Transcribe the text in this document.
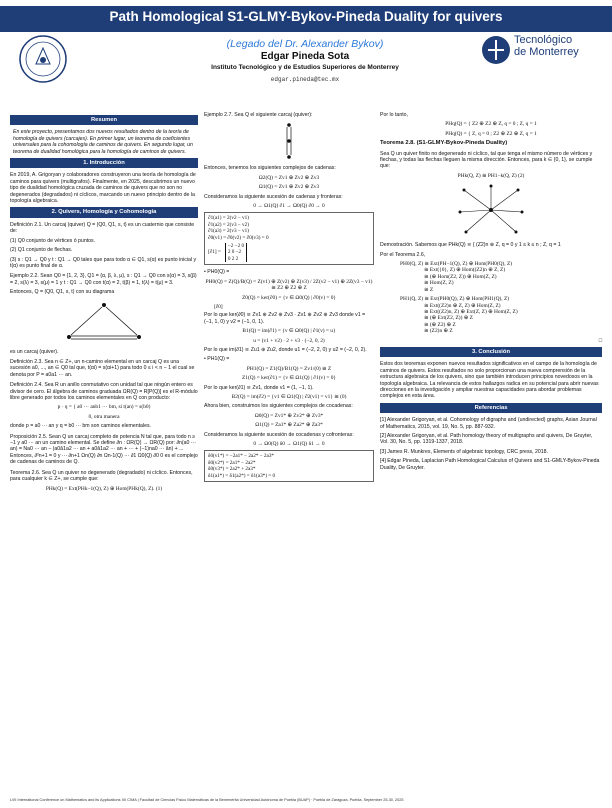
Path Homological S1-GLMY-Bykov-Pineda Duality for quivers
(Legado del Dr. Alexander Bykov)
Edgar Pineda Sota
Instituto Tecnológico y de Estudios Superiores de Monterrey
edgar.pineda@tec.mx
Tecnológico
de Monterrey
Resumen

En este proyecto, presentamos dos nuevos resultados dentro de la teoría de homología de quivers (carcajes). En primer lugar, un teorema de coeficientes universales para la cohomología de caminos de quivers. En segundo lugar, un teorema de dualidad homológica para la homología de caminos de quivers.

1. Introducción

En 2019, A. Grigoryan y colaboradores construyeron una teoría de homología de caminos para quivers (multigrafos). Finalmente, en 2025, descubrimos un nuevo tipo de dualidad homológica cruzada de caminos de quivers que no son no degenerados (degradados) ni cíclicos, marcando un nuevo principio dentro de la topología algebraica.

2. Quivers, Homología y Cohomología

Definición 2.1. Un carcaj (quiver) Q = (Q0, Q1, s, t) es un cuaternio que consiste de:

(1) Q0 conjunto de vértices ó puntos.

(2) Q1 conjunto de flechas.

(3) s : Q1 → Q0 y t : Q1 → Q0 tales que para todo α ∈ Q1, s(α) es punto inicial y t(α) es punto final de α.

Ejemplo 2.2. Sean Q0 = {1, 2, 3}, Q1 = {α, β, λ, μ}, s : Q1 → Q0 con s(α) = 3, s(β) = 2, s(λ) = 3, s(μ) = 1 y t : Q1 → Q0 con t(α) = 2, t(β) = 1, t(λ) = t(μ) = 3.

Entonces, Q = (Q0, Q1, s, t) con su diagrama

es un carcaj (quiver).

Definición 2.3. Sea n ∈ Z+, un n-camino elemental en un carcaj Q es una sucesión a0, ..., an ∈ Q0 tal que, t(αi) = s(αi+1) para todo 0 ≤ i < n − 1 el cual se denota por P = a0a1 ··· an.

Definición 2.4. Sea R un anillo conmutativo con unidad tal que ningún entero es divisor de cero. El álgebra de caminos graduada ΩR(Q) = R[P(Q)] es el R-módulo libre generado por todos los caminos elementales en Q con producto:

p · q = { a0 ··· anb1 ··· bm, si t(an) = s(b0)
0, otra manera

donde p = a0 ··· an y q = b0 ··· bm son caminos elementales.

Proposición 2.5. Sean Q un carcaj completo de potencia N tal que, para todo n ≥ −1 y a0 ··· an un camino elemental. Se define ∂n : ΩR(Q) → ΩR(Q) por: ∂n(a0 ··· an) = Na0 ··· an − (a0â1a2 ··· an + a0â1a2 ··· an + ··· + (−1)na0 ··· ân) + ... Entonces, ∂²n+1 = 0 y ··· ∂n+1 Ωn(Q) ∂n Ωn-1(Q) ··· ∂1 Ω0(Q) ∂0 0 es el complejo de cadenas de caminos de Q.

Teorema 2.6. Sea Q un quiver no degenerado (degradado) ni cíclico. Entonces, para cualquier k ∈ Z+, se cumple que:

PHk(Q) = Ext(PHk−1(Q), Z) ⊕ Hom(PHk(Q), Z). (1)

Ejemplo 2.7. Sea Q el siguiente carcaj (quiver):

Entonces, tenemos los siguientes complejos de cadenas:

Ω2(Q) = Zv1 ⊕ Zv2 ⊕ Zv3
Ω1(Q) = Zv1 ⊕ Zv2 ⊕ Zv3

Consideramos la siguiente sucesión de cadenas y fronteras:

0 → Ω1(Q) ∂1 → Ω0(Q) ∂0 → 0
∂1(a1) = 2(v2 − v1)
∂1(a2) = 2(v3 − v2)
∂1(a3) = 2(v3 − v1)
∂0(v1) = ∂0(v2) = ∂0(v3) = 0
[∂1] =
−2 −2 0
2 0 −2
0 2 2

• PH0(Q) =

PH0(Q) = Z(Q)/B(Q) = Z(v1) ⊕ Z(v2) ⊕ Z(v3) / 2Z(v2 − v1) ⊕ 2Z(v3 − v1) ≅ Z2 ⊕ Z2 ⊕ Z
Z0(Q) = ker(∂0) = {v ∈ Ω0(Q) | ∂0(v) = 0}
[∂0]

Por lo que ker(∂0) ≅ Zv1 ⊕ Zv2 ⊕ Zv3 · Zv1 ⊕ Zv2 ⊕ Zv3 donde v1 = (−1, 1, 0) y v2 = (−1, 0, 1).

B1(Q) = im(∂1) = {v ∈ Ω0(Q) | ∂1(v) = u}
u = (v1 + v2) · 2 + v3 · (−2, 0, 2)

Por lo que im(∂1) ≅ Zu1 ⊕ Zu2, donde u1 = (−2, 2, 0) y u2 = (−2, 0, 2).

• PH1(Q) =

PH1(Q) = Z1(Q)/B1(Q) = Zv1/(0) ≅ Z
Z1(Q) = ker(∂1) = {v ∈ Ω1(Q) | ∂1(v) = 0}

Por lo que ker(∂1) ≅ Zv1, donde v1 = (1, −1, 1).

B2(Q) = im(∂2) = {v1 ∈ Ω1(Q) | ∂2(v1) = v1} ≅ (0)

Ahora bien, construimos los siguientes complejos de cocadenas:

Ω0(Q) = Zv1* ⊕ Zv2* ⊕ Zv3*
Ω1(Q) = Za1* ⊕ Za2* ⊕ Za3*

Consideramos la siguiente sucesión de cocadenas y cofronteras:

0 → Ω0(Q) δ0 → Ω1(Q) δ1 → 0
δ0(v1*) = −2a1* − 2a2* − 2a3*
δ0(v2*) = 2a1* − 2a2*
δ0(v3*) = 2a2* + 2a3*
δ1(a1*) = δ1(a2*) = δ1(a3*) = 0

Por lo tanto,

PHq(Q) = { Z2 ⊕ Z2 ⊕ Z, q = 0 ; Z, q = 1
PHq(Q) = { Z, q = 0 ; Z2 ⊕ Z2 ⊕ Z, q = 1
Teorema 2.8. (S1-GLMY-Bykov-Pineda Duality)

Sea Q un quiver finito no degenerado ni cíclico, tal que tenga el mismo número de vértices y flechas, y todas las flechas lleguen la misma dirección. Entonces, para k ∈ {0, 1}, se cumple que:

PHk(Q, Z) ≅ PH1−k(Q, Z) (2)

Demostración. Sabemos que PHk(Q) ≅ { (Z2)n ⊕ Z, q = 0 y 1 ≤ k ≤ n ; Z, q = 1

Por el Teorema 2.6,

PH0(Q, Z) ≅ Ext(PH−1(Q), Z) ⊕ Hom(PH0(Q), Z)
≅ Ext({0}, Z) ⊕ Hom((Z2)n ⊕ Z, Z)
≅ (⊕ Hom(Z2, Z)) ⊕ Hom(Z, Z)
≅ Hom(Z, Z)
≅ Z
PH1(Q, Z) ≅ Ext(PH0(Q), Z) ⊕ Hom(PH1(Q), Z)
≅ Ext((Z2)n ⊕ Z, Z) ⊕ Hom(Z, Z)
≅ Ext((Z2)n, Z) ⊕ Ext(Z, Z) ⊕ Hom(Z, Z)
≅ (⊕ Ext(Z2, Z)) ⊕ Z
≅ (⊕ Z2) ⊕ Z
≅ (Z2)n ⊕ Z
□
3. Conclusión

Estos dos teoremas exponen nuevos resultados significativos en el campo de la homología de caminos de quivers. Estos resultados no solo proporcionan una nueva comprensión de la estructura algebraica de los quivers, sino que también introducen principios novedosos en la topología algebraica. La relevancia de estos hallazgos radica en su potencial para abrir nuevas direcciones en la investigación y ampliar nuestras capacidades para abordar problemas complejos en esta área.

Referencias

[1] Alexander Grigoryan, et al. Cohomology of digraphs and (undirected) graphs, Asian Journal of Mathematics, 2015, vol. 19, No. 5, pp. 887-932.

[2] Alexander Grigoryan, et al. Path homology theory of multigraphs and quivers, De Gruyter, Vol. 30, No. 5, pp. 1319-1337, 2018.

[3] James R. Munkres, Elements of algebraic topology, CRC press, 2018.

[4] Edgar Pineda, Laplacian Path Homological Calculus of Quivers and S1-GMLY-Bykov-Pineda Duality, De Gruyter.

LVII International Conference on Mathematics and its Applications XII CIMA | Facultad de Ciencias Físico Matemáticas de la Benemérita Universidad Autónoma de Puebla (BUAP) · Puebla de Zaragoza, Puebla, September 25-30, 2025
